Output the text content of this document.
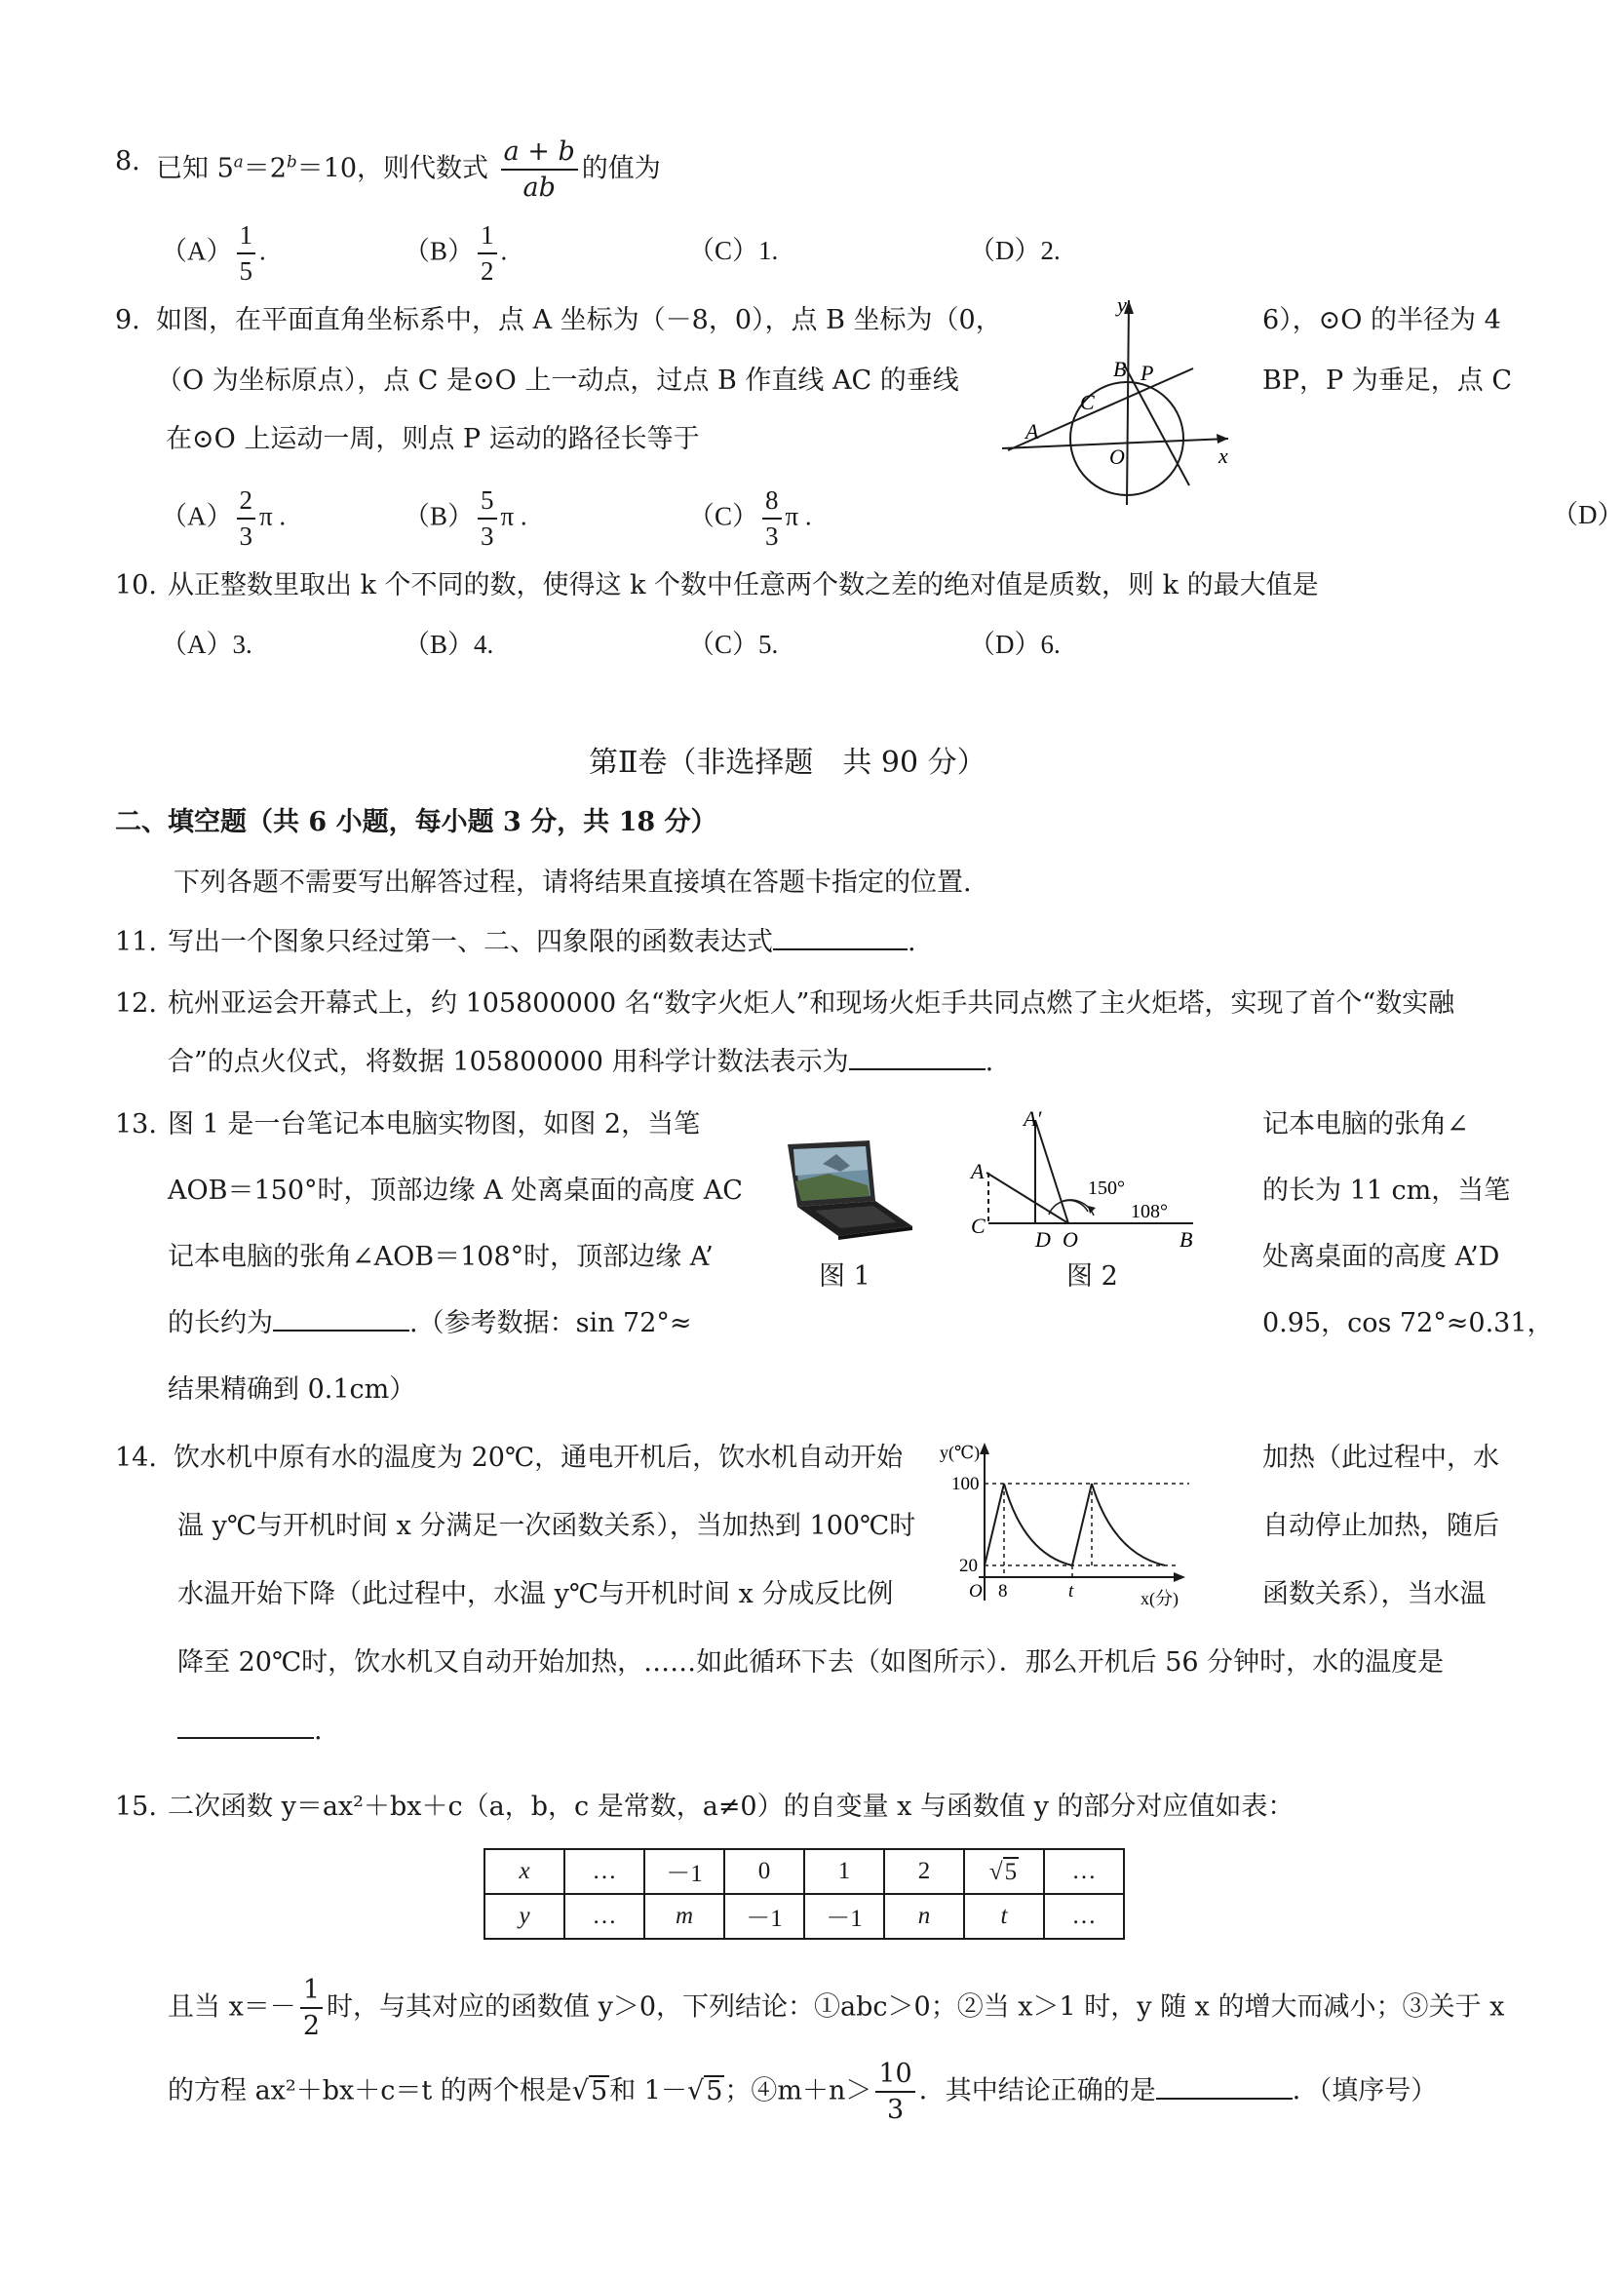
8. 已知 $5^a=2^b=10$，则代数式 $\frac{a + b}{ab}$ 的值为
$(A) \frac{1}{5}$ .	$(B) \frac{1}{2}$ .	（C）1.	（D）2.
9. 如图，在平面直角坐标系中，点 A 坐标为（－8，0），点 B 坐标为（0，	6），⊙O 的半径为 4
（O 为坐标原点），点 C 是⊙O 上一动点，过点 B 作直线 AC 的垂线	BP，P 为垂足，点 C
在⊙O 上运动一周，则点 P 运动的路径长等于
y
x
B P
C
A
O
$(A) \frac{2}{3}$ π .	$(B) \frac{5}{3}$ π .	$(C) \frac{8}{3}$ π .	（D）
10. 从正整数里取出 k 个不同的数，使得这 k 个数中任意两个数之差的绝对值是质数，则 k 的最大值是
（A）3.	（B）4.	（C）5.	（D）6.
第Ⅱ卷（非选择题　共 90 分）
二、填空题（共 6 小题，每小题 3 分，共 18 分）
下列各题不需要写出解答过程，请将结果直接填在答题卡指定的位置.
11. 写出一个图象只经过第一、二、四象限的函数表达式	.
12. 杭州亚运会开幕式上，约 105800000 名“数字火炬人”和现场火炬手共同点燃了主火炬塔，实现了首个“数实融
合”的点火仪式，将数据 105800000 用科学计数法表示为	.
13. 图 1 是一台笔记本电脑实物图，如图 2，当笔	记本电脑的张角∠
AOB＝150°时，顶部边缘 A 处离桌面的高度 AC	的长为 11 cm，当笔
记本电脑的张角∠AOB＝108°时，顶部边缘 A’	处离桌面的高度 A’D
的长约为	.（参考数据：sin 72°≈	0.95，cos 72°≈0.31，
结果精确到 0.1cm）
A′
A
150°
108°
C
D O	B
图 1	图 2
14. 饮水机中原有水的温度为 20℃，通电开机后，饮水机自动开始	加热（此过程中，水
温 y℃与开机时间 x 分满足一次函数关系），当加热到 100℃时	自动停止加热，随后
水温开始下降（此过程中，水温 y℃与开机时间 x 分成反比例	函数关系），当水温
降至 20℃时，饮水机又自动开始加热，……如此循环下去（如图所示）．那么开机后 56 分钟时，水的温度是
.
y(℃)
100
20
O 8	t	x(分)
15. 二次函数 y＝ax²＋bx＋c（a，b，c 是常数，a≠0）的自变量 x 与函数值 y 的部分对应值如表：
x	…	－1	0	1	2	√5	…
y	…	m	－1	－1	n	t	…
且当 $x=- \frac{1}{2}$ 时，与其对应的函数值 y＞0，下列结论：①abc＞0；②当 x＞1 时，y 随 x 的增大而减小；③关于 x
的方程 ax²＋bx＋c＝t 的两个根是√5和 1－√5；④m＋n＞ $\frac{10}{3}$ ．其中结论正确的是	．（填序号）
